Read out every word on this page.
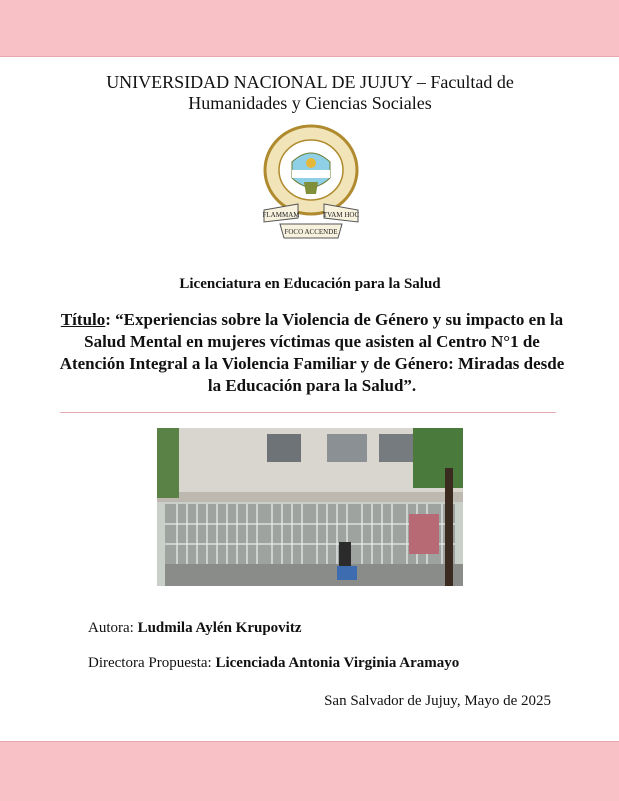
UNIVERSIDAD NACIONAL DE JUJUY – Facultad de
Humanidades y Ciencias Sociales
FLAMMAM	TVAM HOC
FOCO ACCENDE
Licenciatura en Educación para la Salud
Título: “Experiencias sobre la Violencia de Género y su impacto en la Salud Mental en mujeres víctimas que asisten al Centro N°1 de Atención Integral a la Violencia Familiar y de Género: Miradas desde la Educación para la Salud”.
Autora: Ludmila Aylén Krupovitz
Directora Propuesta: Licenciada Antonia Virginia Aramayo
San Salvador de Jujuy, Mayo de 2025
